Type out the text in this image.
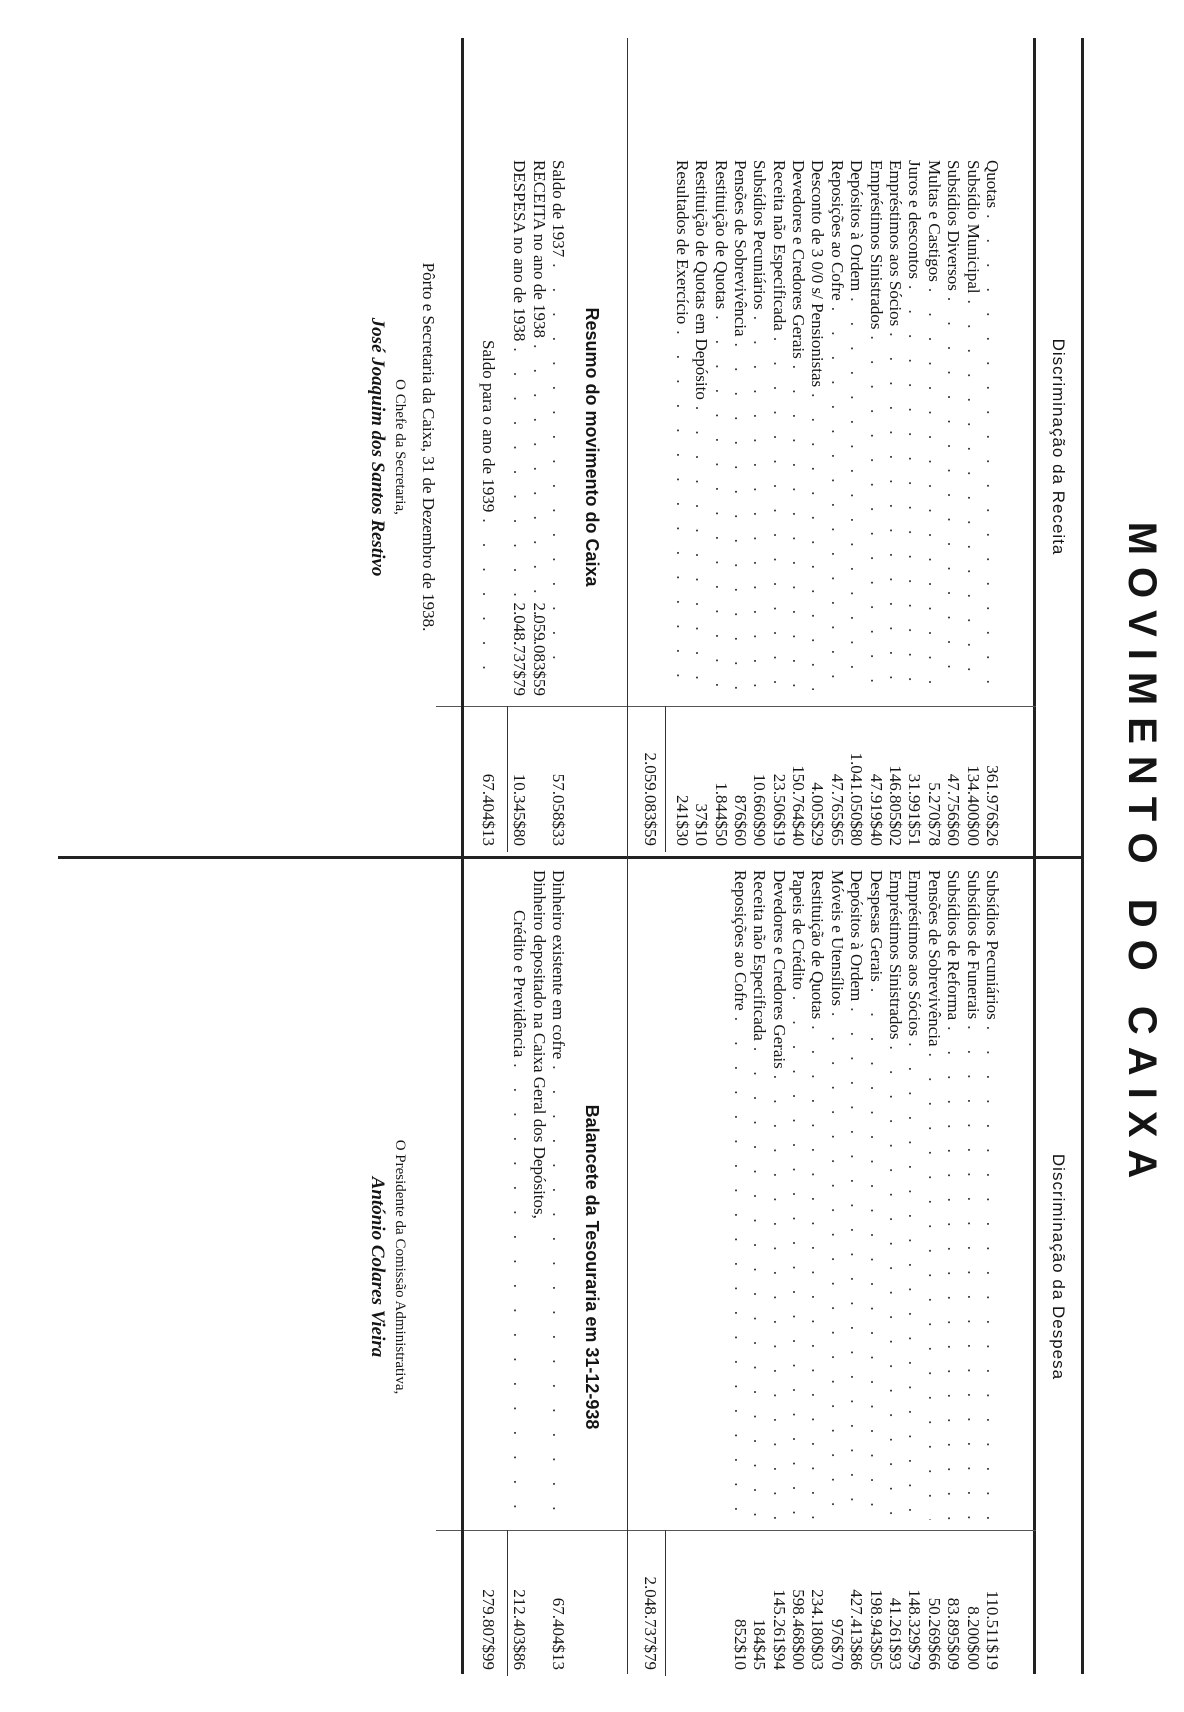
MOVIMENTO DO CAIXA
Discriminação da Receita
Quotas
. . .
Subsídio Municipal
. . .
Subsídios Diversos
. . .
Multas e Castigos
. . .
Juros e descontos
. . .
Empréstimos aos Sócios
. . .
Empréstimos Sinistrados
. . .
Depósitos à Ordem
. . .
Reposições ao Cofre
. . .
Desconto de 3 0/0 s/ Pensionistas
. . .
Devedores e Credores Gerais
. . .
Receita não Especificada
. . .
Subsídios Pecuniários
. . .
Pensões de Sobrevivência
. . .
Restituição de Quotas
. . .
Restituição de Quotas em Depósito
. . .
Resultados de Exercício
. . .
361.976$26
134.400$00
47.756$60
5.270$78
31.991$51
146.805$02
47.919$40
1.041.050$80
47.765$65
4.005$29
150.764$40
23.506$19
10.660$90
876$60
1.844$50
37$10
241$30
2.059.083$59
Discriminação da Despesa
Subsídios Pecuniários
. . .
Subsídios de Funerais
. . .
Subsídios de Reforma
. . .
Pensões de Sobrevivência
. . .
Empréstimos aos Sócios
. . .
Empréstimos Sinistrados
. . .
Despesas Gerais
. . .
Depósitos à Ordem
. . .
Móveis e Utensílios
. . .
Restituição de Quotas
. . .
Papeis de Crédito
. . .
Devedores e Credores Gerais
. . .
Receita não Especificada
. . .
Reposições ao Cofre
. . .
110.511$19
8.200$00
83.895$09
50.269$66
148.329$79
41.261$93
198.943$05
427.413$86
976$70
234.180$03
598.468$00
145.261$94
184$45
852$10
2.048.737$79
Resumo do movimento do Caixa
Saldo de 1937
. . .
RECEITA no ano de 1938
. . .
DESPESA no ano de 1938
. . .
2.059.083$59
2.048.737$79
57.058$33
10.345$80
Saldo para o ano de 1939
. . .
67.404$13
Balancete da Tesouraria em 31-12-938
Dinheiro existente em cofre
. . .
Dinheiro depositado na Caixa Geral dos Depósitos,
Crédito e Previdência
. . .
67.404$13
212.403$86
279.807$99
Pôrto e Secretaria da Caixa, 31 de Dezembro de 1938.
O Chefe da Secretaria,
José Joaquim dos Santos Restivo
O Presidente da Comissão Administrativa,
António Colares Vieira
